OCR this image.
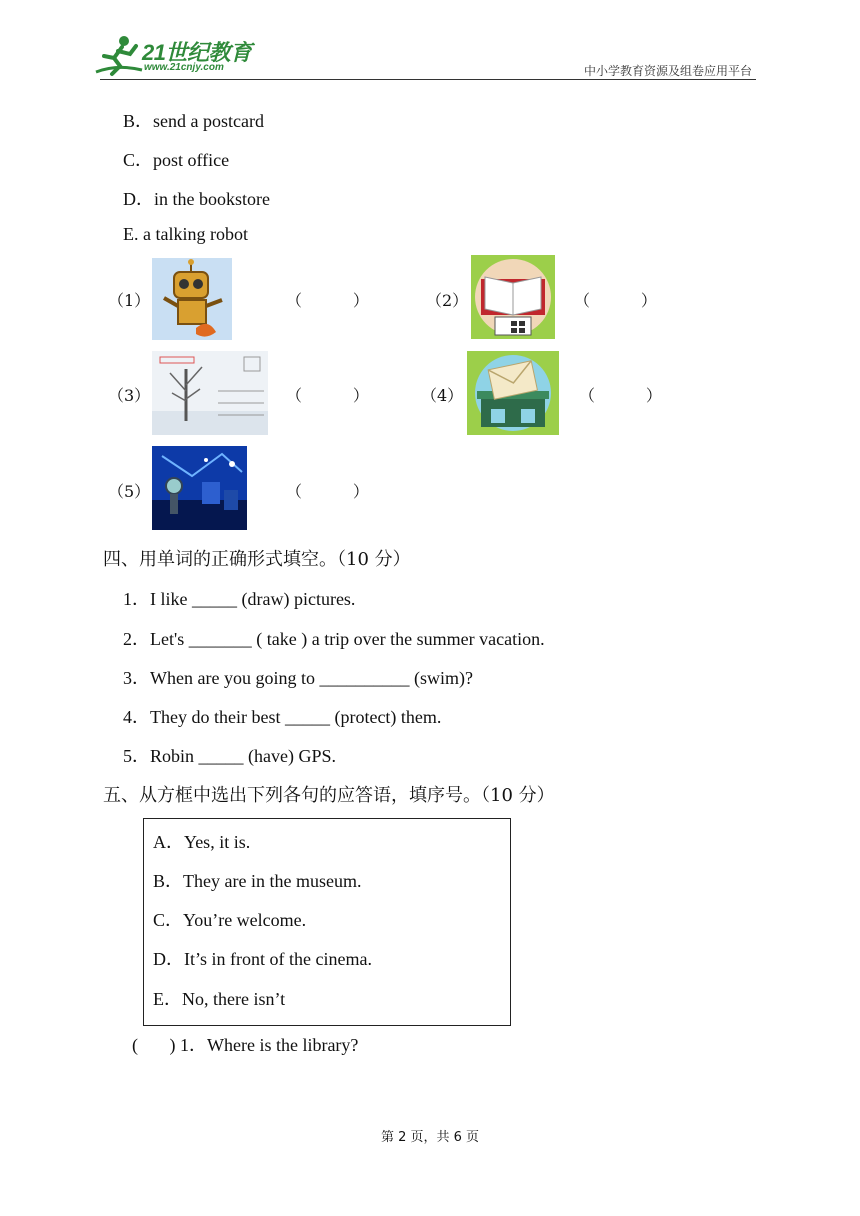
21世纪教育
www.21cnjy.com	中小学教育资源及组卷应用平台
B．send a postcard
C．post office
D．in the bookstore
E. a talking robot
（1）	（          ）	（2）	（          ）
（3）	（          ）	（4）	（          ）
（5）	（          ）
四、用单词的正确形式填空。（10 分）
1．I like _____ (draw) pictures.
2．Let's _______ ( take ) a trip over the summer vacation.
3．When are you going to __________ (swim)?
4．They do their best _____ (protect) them.
5．Robin _____ (have) GPS.
五、从方框中选出下列各句的应答语，填序号。（10 分）
A．Yes, it is.
B．They are in the museum.
C．You’re welcome.
D．It’s in front of the cinema.
E．No, there isn’t
(       ) 1．Where is the library?
第 2 页，共 6 页
